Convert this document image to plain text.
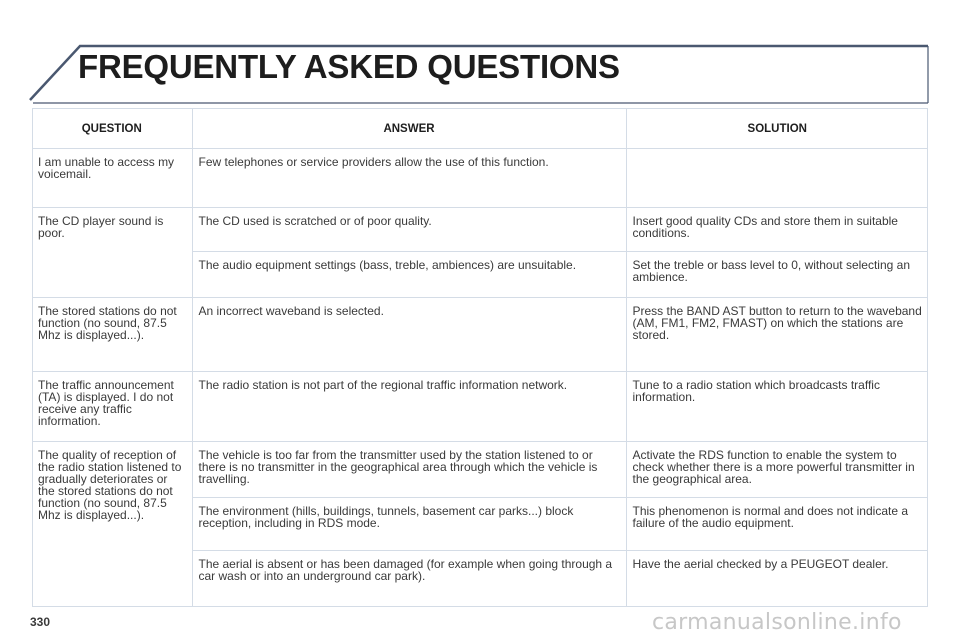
FREQUENTLY ASKED QUESTIONS
QUESTION	ANSWER	SOLUTION
I am unable to access my voicemail.	Few telephones or service providers allow the use of this function.	
The CD player sound is poor.	The CD used is scratched or of poor quality.	Insert good quality CDs and store them in suitable conditions.
	The audio equipment settings (bass, treble, ambiences) are unsuitable.	Set the treble or bass level to 0, without selecting an ambience.
The stored stations do not function (no sound, 87.5 Mhz is displayed...).	An incorrect waveband is selected.	Press the BAND AST button to return to the waveband (AM, FM1, FM2, FMAST) on which the stations are stored.
The traffic announcement (TA) is displayed. I do not receive any traffic information.	The radio station is not part of the regional traffic information network.	Tune to a radio station which broadcasts traffic information.
The quality of reception of the radio station listened to gradually deteriorates or the stored stations do not function (no sound, 87.5 Mhz is displayed...).	The vehicle is too far from the transmitter used by the station listened to or there is no transmitter in the geographical area through which the vehicle is travelling.	Activate the RDS function to enable the system to check whether there is a more powerful transmitter in the geographical area.
	The environment (hills, buildings, tunnels, basement car parks...) block reception, including in RDS mode.	This phenomenon is normal and does not indicate a failure of the audio equipment.
	The aerial is absent or has been damaged (for example when going through a car wash or into an underground car park).	Have the aerial checked by a PEUGEOT dealer.
330	carmanualsonline.info
